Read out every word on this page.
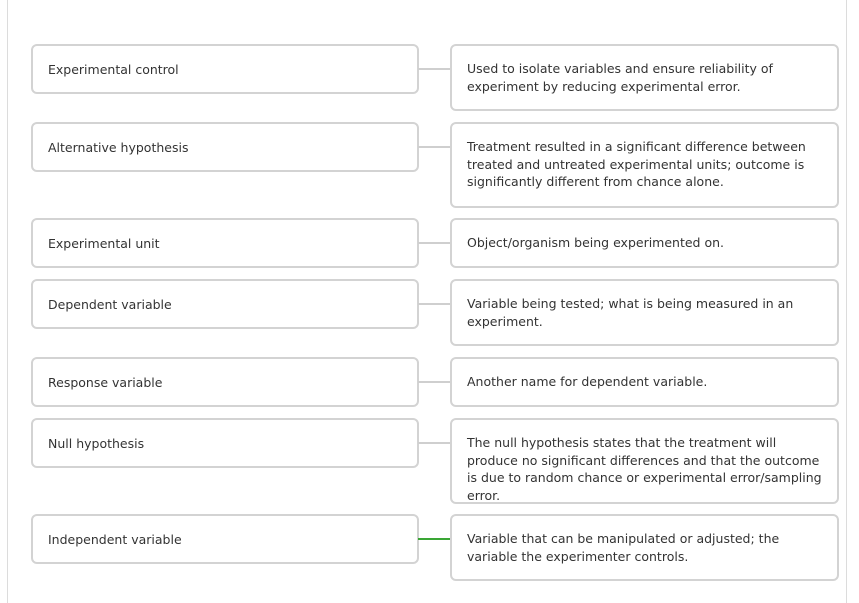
Experimental control	Used to isolate variables and ensure reliability of experiment by reducing experimental error.
Alternative hypothesis	Treatment resulted in a significant difference between treated and untreated experimental units; outcome is significantly different from chance alone.
Experimental unit	Object/organism being experimented on.
Dependent variable	Variable being tested; what is being measured in an experiment.
Response variable	Another name for dependent variable.
Null hypothesis	The null hypothesis states that the treatment will produce no significant differences and that the outcome is due to random chance or experimental error/sampling error.
Independent variable	Variable that can be manipulated or adjusted; the variable the experimenter controls.
